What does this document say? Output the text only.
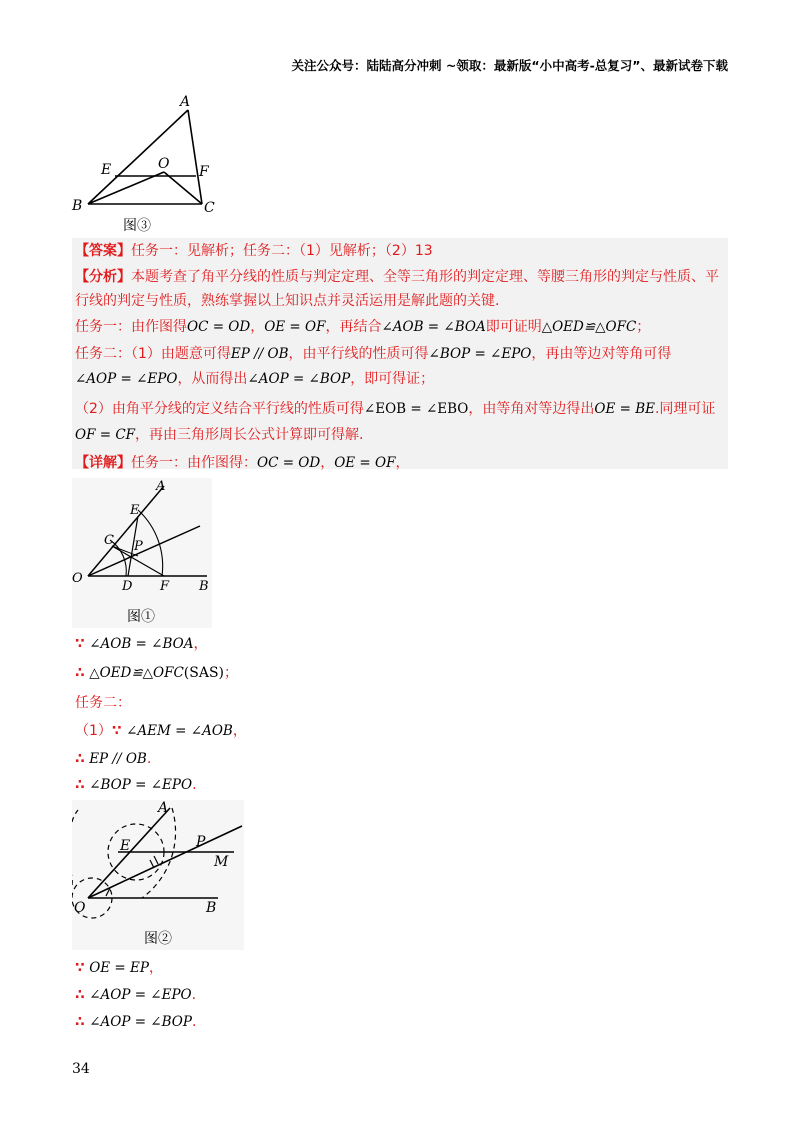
关注公众号：陆陆高分冲刺 ~领取：最新版“小中高考-总复习”、最新试卷下载
A
E	O F
B	C
图③
【答案】任务一：见解析；任务二：（1）见解析；（2）13
【分析】本题考查了角平分线的性质与判定定理、全等三角形的判定定理、等腰三角形的判定与性质、平
行线的判定与性质，熟练掌握以上知识点并灵活运用是解此题的关键.
任务一：由作图得OC = OD，OE = OF，再结合∠AOB = ∠BOA即可证明△OED≌△OFC；
任务二：（1）由题意可得EP // OB，由平行线的性质可得∠BOP = ∠EPO，再由等边对等角可得
∠AOP = ∠EPO，从而得出∠AOP = ∠BOP，即可得证；
（2）由角平分线的定义结合平行线的性质可得∠EOB = ∠EBO，由等角对等边得出OE = BE.同理可证
OF = CF，再由三角形周长公式计算即可得解.
【详解】任务一：由作图得：OC = OD，OE = OF，
A
E
C P
O
D F B
图①
∵ ∠AOB = ∠BOA，
∴ △OED≌△OFC(SAS)；
任务二：
（1）∵ ∠AEM = ∠AOB，
∴ EP // OB.
∴ ∠BOP = ∠EPO.
A
E	P
M
O	B
图②
∵ OE = EP，
∴ ∠AOP = ∠EPO.
∴ ∠AOP = ∠BOP.
34
